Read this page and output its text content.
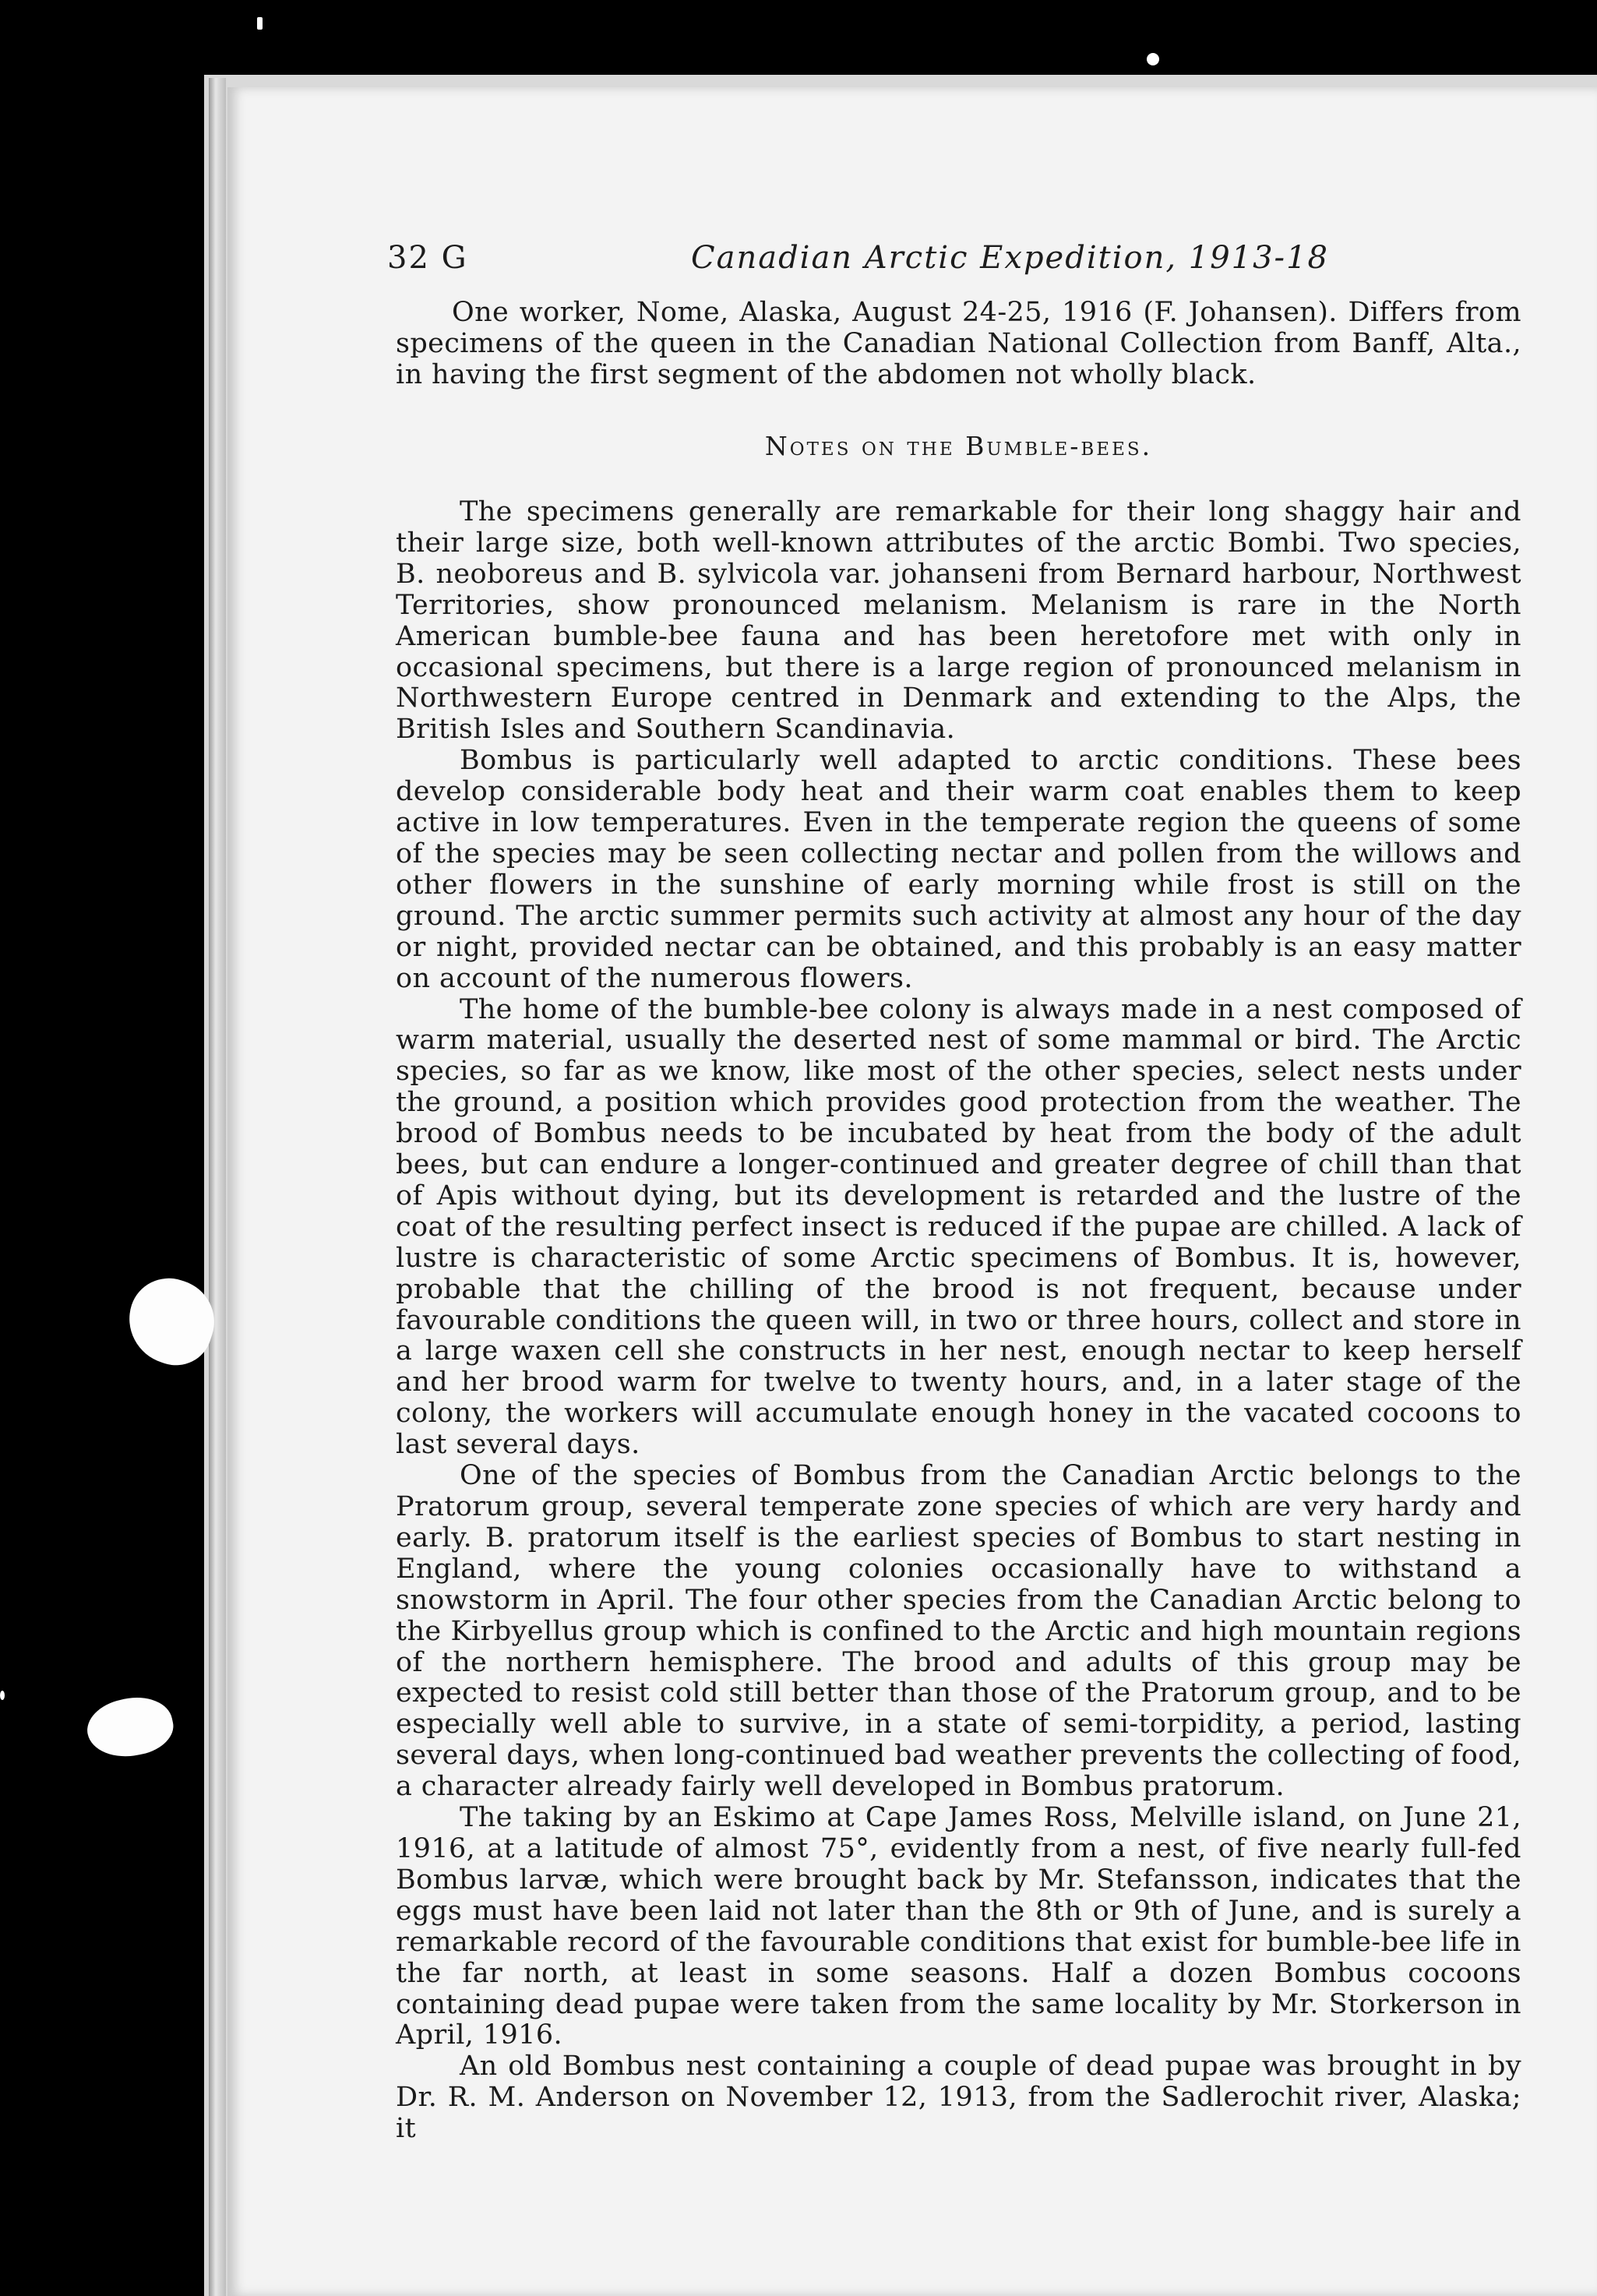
32 G	Canadian Arctic Expedition, 1913-18

One worker, Nome, Alaska, August 24-25, 1916 (F. Johansen). Differs from specimens of the queen in the Canadian National Collection from Banff, Alta., in having the first segment of the abdomen not wholly black.

Notes on the Bumble-bees.

The specimens generally are remarkable for their long shaggy hair and their large size, both well-known attributes of the arctic Bombi. Two species, B. neoboreus and B. sylvicola var. johanseni from Bernard harbour, Northwest Territories, show pronounced melanism. Melanism is rare in the North American bumble-bee fauna and has been heretofore met with only in occasional specimens, but there is a large region of pronounced melanism in Northwestern Europe centred in Denmark and extending to the Alps, the British Isles and Southern Scandinavia.

Bombus is particularly well adapted to arctic conditions. These bees develop considerable body heat and their warm coat enables them to keep active in low temperatures. Even in the temperate region the queens of some of the species may be seen collecting nectar and pollen from the willows and other flowers in the sunshine of early morning while frost is still on the ground. The arctic summer permits such activity at almost any hour of the day or night, provided nectar can be obtained, and this probably is an easy matter on account of the numerous flowers.

The home of the bumble-bee colony is always made in a nest composed of warm material, usually the deserted nest of some mammal or bird. The Arctic species, so far as we know, like most of the other species, select nests under the ground, a position which provides good protection from the weather. The brood of Bombus needs to be incubated by heat from the body of the adult bees, but can endure a longer-continued and greater degree of chill than that of Apis without dying, but its development is retarded and the lustre of the coat of the resulting perfect insect is reduced if the pupae are chilled. A lack of lustre is characteristic of some Arctic specimens of Bombus. It is, however, probable that the chilling of the brood is not frequent, because under favourable conditions the queen will, in two or three hours, collect and store in a large waxen cell she constructs in her nest, enough nectar to keep herself and her brood warm for twelve to twenty hours, and, in a later stage of the colony, the workers will accumulate enough honey in the vacated cocoons to last several days.

One of the species of Bombus from the Canadian Arctic belongs to the Pratorum group, several temperate zone species of which are very hardy and early. B. pratorum itself is the earliest species of Bombus to start nesting in England, where the young colonies occasionally have to withstand a snowstorm in April. The four other species from the Canadian Arctic belong to the Kirbyellus group which is confined to the Arctic and high mountain regions of the northern hemisphere. The brood and adults of this group may be expected to resist cold still better than those of the Pratorum group, and to be especially well able to survive, in a state of semi-torpidity, a period, lasting several days, when long-continued bad weather prevents the collecting of food, a character already fairly well developed in Bombus pratorum.

The taking by an Eskimo at Cape James Ross, Melville island, on June 21, 1916, at a latitude of almost 75°, evidently from a nest, of five nearly full-fed Bombus larvæ, which were brought back by Mr. Stefansson, indicates that the eggs must have been laid not later than the 8th or 9th of June, and is surely a remarkable record of the favourable conditions that exist for bumble-bee life in the far north, at least in some seasons. Half a dozen Bombus cocoons containing dead pupae were taken from the same locality by Mr. Storkerson in April, 1916.

An old Bombus nest containing a couple of dead pupae was brought in by Dr. R. M. Anderson on November 12, 1913, from the Sadlerochit river, Alaska; it
